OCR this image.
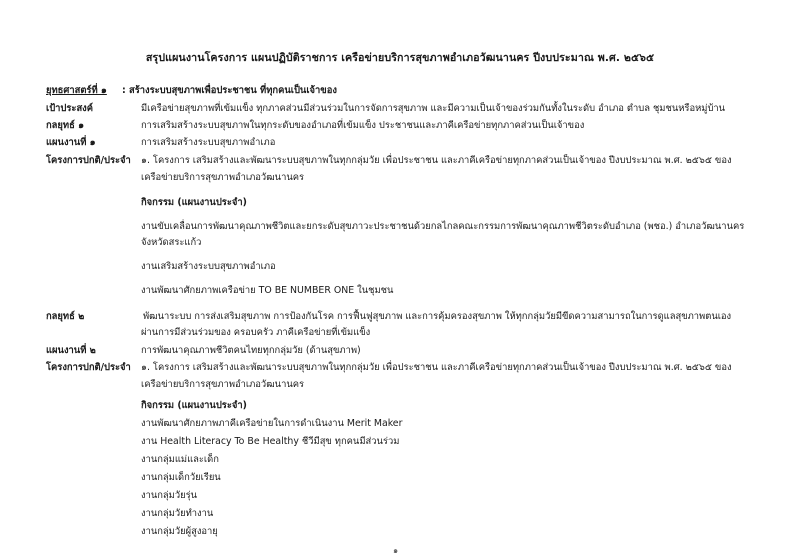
สรุปแผนงานโครงการ แผนปฏิบัติราชการ เครือข่ายบริการสุขภาพอำเภอวัฒนานคร ปีงบประมาณ พ.ศ. ๒๕๖๕
ยุทธศาสตร์ที่ ๑ : สร้างระบบสุขภาพเพื่อประชาชน ที่ทุกคนเป็นเจ้าของ
เป้าประสงค์	มีเครือข่ายสุขภาพที่เข้มแข็ง ทุกภาคส่วนมีส่วนร่วมในการจัดการสุขภาพ และมีความเป็นเจ้าของร่วมกันทั้งในระดับ อำเภอ ตำบล ชุมชนหรือหมู่บ้าน
กลยุทธ์ ๑	การเสริมสร้างระบบสุขภาพในทุกระดับของอำเภอที่เข้มแข็ง ประชาชนและภาคีเครือข่ายทุกภาคส่วนเป็นเจ้าของ
แผนงานที่ ๑	การเสริมสร้างระบบสุขภาพอำเภอ
โครงการปกติ/ประจำ ๑. โครงการ เสริมสร้างและพัฒนาระบบสุขภาพในทุกกลุ่มวัย เพื่อประชาชน และภาคีเครือข่ายทุกภาคส่วนเป็นเจ้าของ ปีงบประมาณ พ.ศ. ๒๕๖๕ ของ
เครือข่ายบริการสุขภาพอำเภอวัฒนานคร
กิจกรรม (แผนงานประจำ)
งานขับเคลื่อนการพัฒนาคุณภาพชีวิตและยกระดับสุขภาวะประชาชนด้วยกลไกลคณะกรรมการพัฒนาคุณภาพชีวิตระดับอำเภอ (พชอ.) อำเภอวัฒนานคร
จังหวัดสระแก้ว
งานเสริมสร้างระบบสุขภาพอำเภอ
งานพัฒนาศักยภาพเครือข่าย TO BE NUMBER ONE ในชุมชน
กลยุทธ์ ๒	พัฒนาระบบ การส่งเสริมสุขภาพ การป้องกันโรค การฟื้นฟูสุขภาพ และการคุ้มครองสุขภาพ ให้ทุกกลุ่มวัยมีขีดความสามารถในการดูแลสุขภาพตนเอง
ผ่านการมีส่วนร่วมของ ครอบครัว ภาคีเครือข่ายที่เข้มแข็ง
แผนงานที่ ๒	การพัฒนาคุณภาพชีวิตคนไทยทุกกลุ่มวัย (ด้านสุขภาพ)
โครงการปกติ/ประจำ ๑. โครงการ เสริมสร้างและพัฒนาระบบสุขภาพในทุกกลุ่มวัย เพื่อประชาชน และภาคีเครือข่ายทุกภาคส่วนเป็นเจ้าของ ปีงบประมาณ พ.ศ. ๒๕๖๕ ของ
เครือข่ายบริการสุขภาพอำเภอวัฒนานคร
กิจกรรม (แผนงานประจำ)
งานพัฒนาศักยภาพภาคีเครือข่ายในการดำเนินงาน Merit Maker
งาน Health Literacy To Be Healthy ชีวีมีสุข ทุกคนมีส่วนร่วม
งานกลุ่มแม่และเด็ก
งานกลุ่มเด็กวัยเรียน
งานกลุ่มวัยรุ่น
งานกลุ่มวัยทำงาน
งานกลุ่มวัยผู้สูงอายุ
๑
